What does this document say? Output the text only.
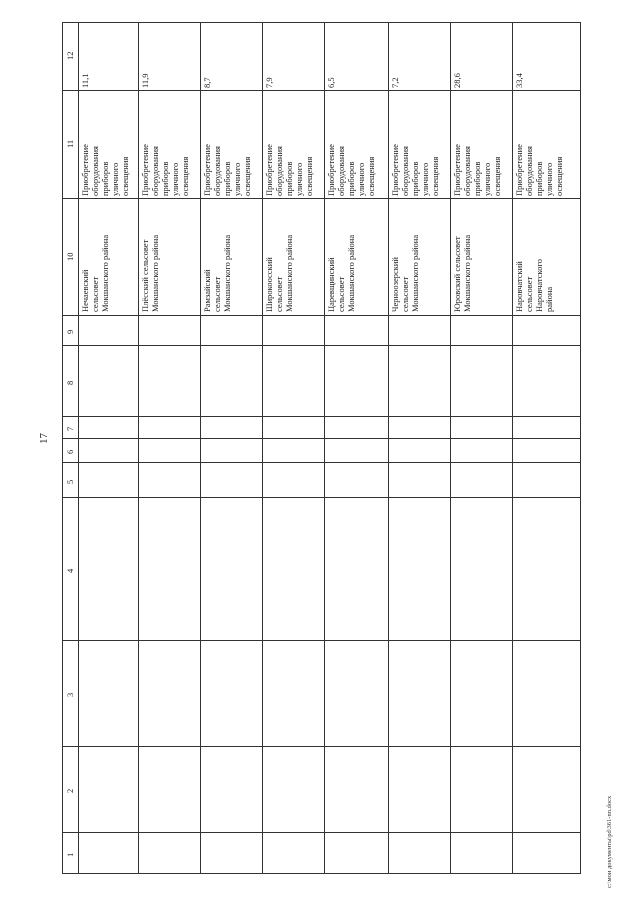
17
c:\мои документы\pd\361-nn.docx
1
2
3
4
5
6
7
8
9
10
11
12
Нечаевский
сельсовет
Мокшанского района
Приобретение
оборудования
приборов
уличного
освещения
11,1
Плёсский сельсовет
Мокшанского района
Приобретение
оборудования
приборов
уличного
освещения
11,9
Рамзайский
сельсовет
Мокшанского района
Приобретение
оборудования
приборов
уличного
освещения
8,7
Широкоосский
сельсовет
Мокшанского района
Приобретение
оборудования
приборов
уличного
освещения
7,9
Царевщинский
сельсовет
Мокшанского района
Приобретение
оборудования
приборов
уличного
освещения
6,5
Черноозерский
сельсовет
Мокшанского района
Приобретение
оборудования
приборов
уличного
освещения
7,2
Юровский сельсовет
Мокшанского района
Приобретение
оборудования
приборов
уличного
освещения
28,6
Наровчатский
сельсовет
Наровчатского
района
Приобретение
оборудования
приборов
уличного
освещения
33,4
